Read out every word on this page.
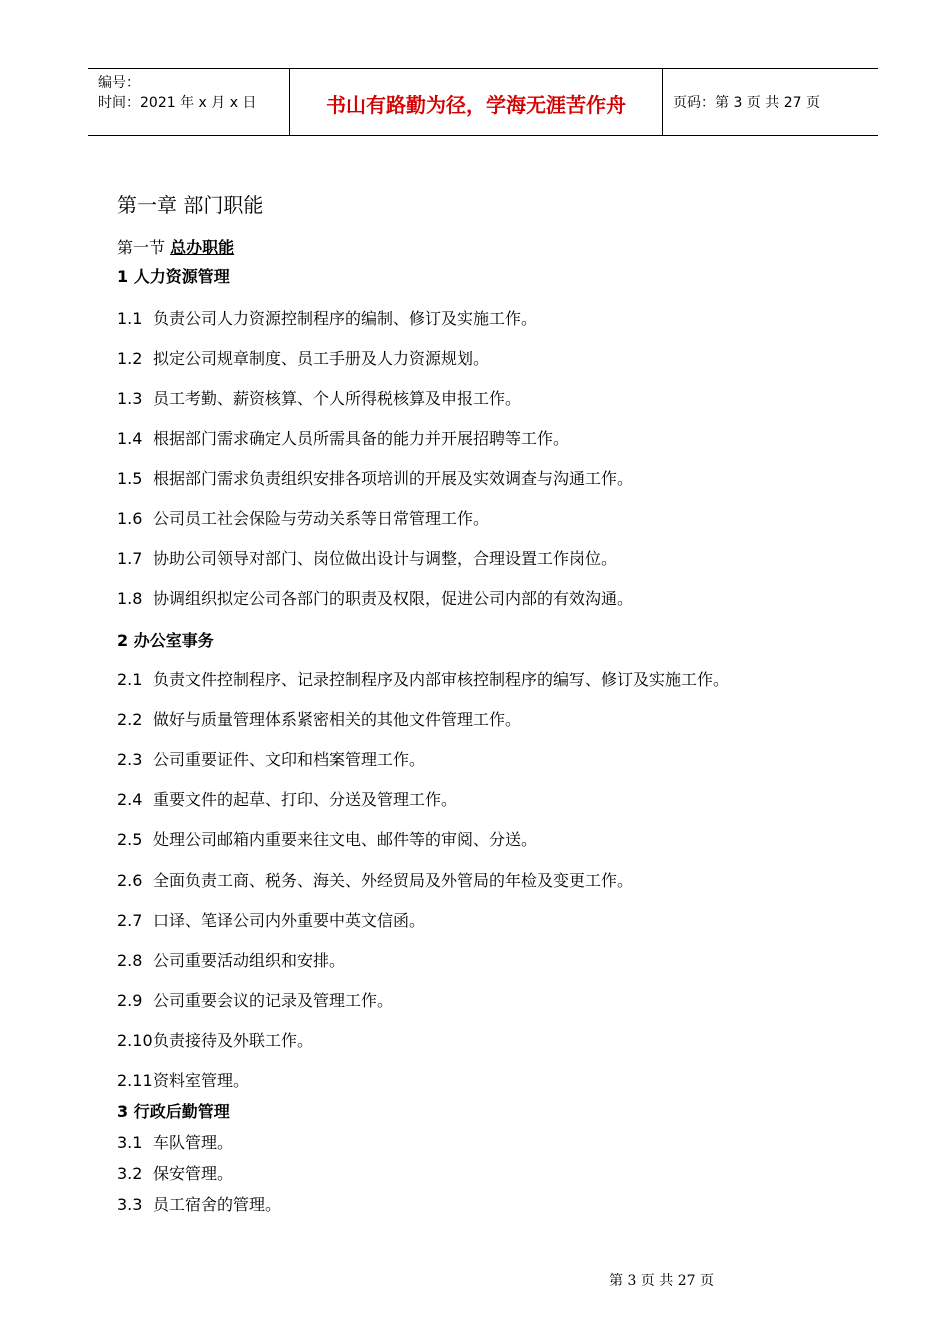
编号：
时间：2021 年 x 月 x 日	书山有路勤为径，学海无涯苦作舟	页码：第 3 页 共 27 页
第一章 部门职能
第一节 总办职能
1 人力资源管理
1.1 负责公司人力资源控制程序的编制、修订及实施工作。
1.2 拟定公司规章制度、员工手册及人力资源规划。
1.3 员工考勤、薪资核算、个人所得税核算及申报工作。
1.4 根据部门需求确定人员所需具备的能力并开展招聘等工作。
1.5 根据部门需求负责组织安排各项培训的开展及实效调查与沟通工作。
1.6 公司员工社会保险与劳动关系等日常管理工作。
1.7 协助公司领导对部门、岗位做出设计与调整，合理设置工作岗位。
1.8 协调组织拟定公司各部门的职责及权限，促进公司内部的有效沟通。
2 办公室事务
2.1 负责文件控制程序、记录控制程序及内部审核控制程序的编写、修订及实施工作。
2.2 做好与质量管理体系紧密相关的其他文件管理工作。
2.3 公司重要证件、文印和档案管理工作。
2.4 重要文件的起草、打印、分送及管理工作。
2.5 处理公司邮箱内重要来往文电、邮件等的审阅、分送。
2.6 全面负责工商、税务、海关、外经贸局及外管局的年检及变更工作。
2.7 口译、笔译公司内外重要中英文信函。
2.8 公司重要活动组织和安排。
2.9 公司重要会议的记录及管理工作。
2.10负责接待及外联工作。
2.11资料室管理。
3 行政后勤管理
3.1 车队管理。
3.2 保安管理。
3.3 员工宿舍的管理。
第 3 页 共 27 页
